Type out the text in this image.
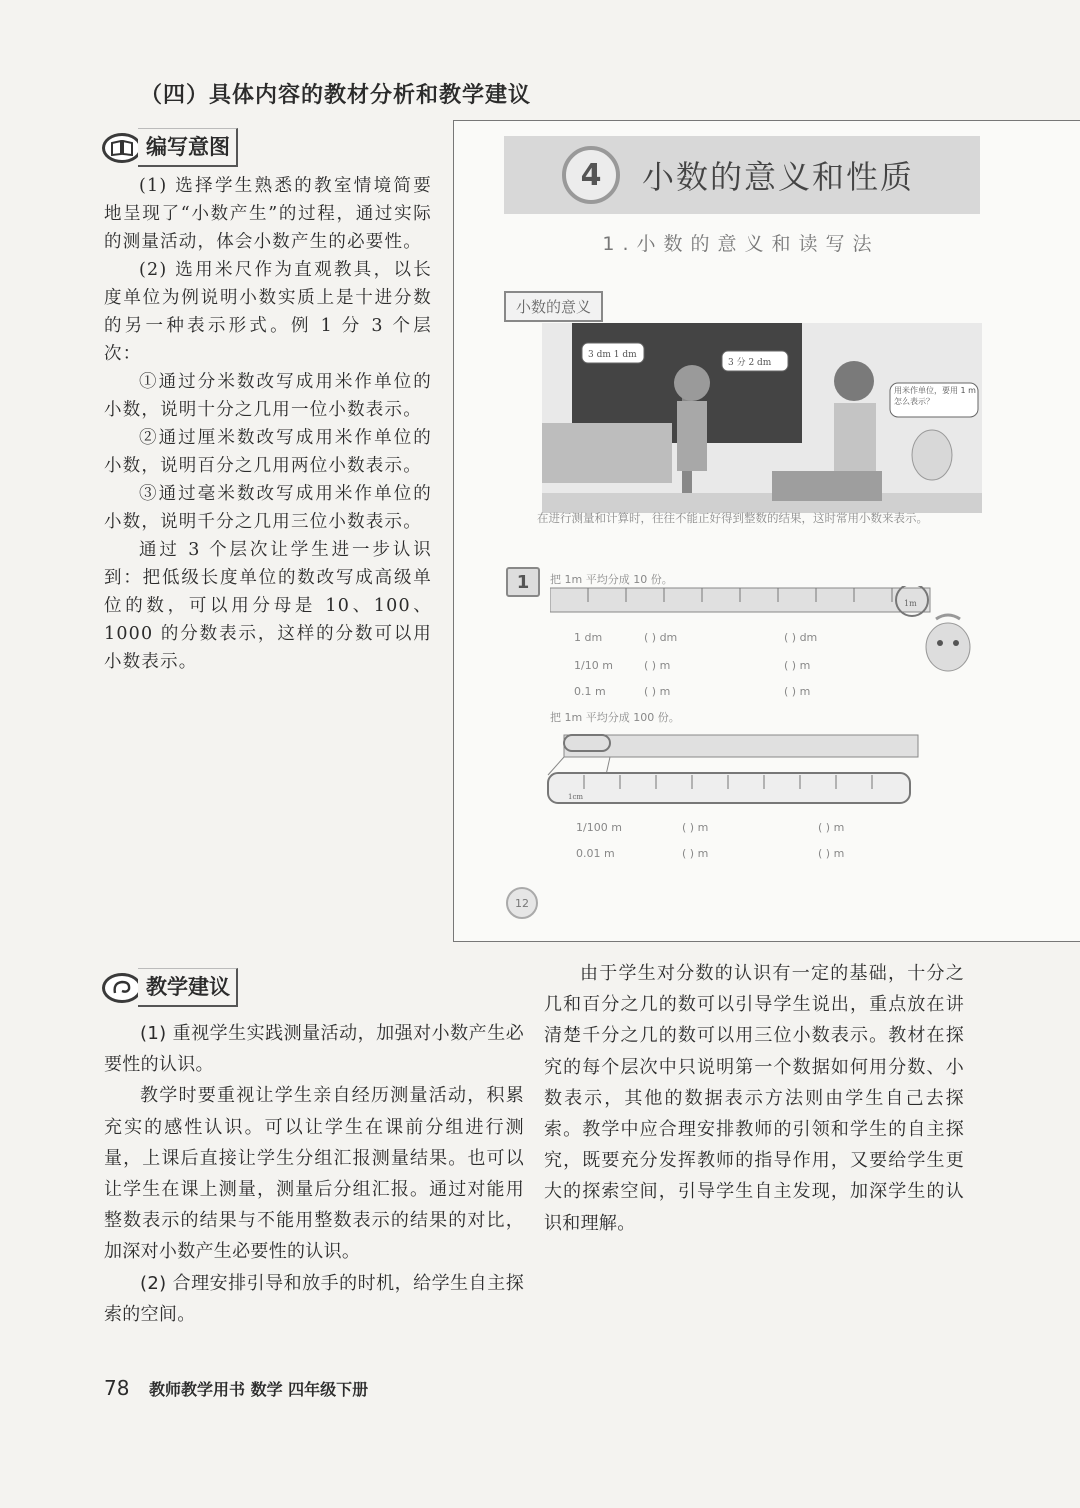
（四）具体内容的教材分析和教学建议
编写意图

(1) 选择学生熟悉的教室情境简要地呈现了“小数产生”的过程，通过实际的测量活动，体会小数产生的必要性。

(2) 选用米尺作为直观教具，以长度单位为例说明小数实质上是十进分数的另一种表示形式。例 1 分 3 个层次：

①通过分米数改写成用米作单位的小数，说明十分之几用一位小数表示。

②通过厘米数改写成用米作单位的小数，说明百分之几用两位小数表示。

③通过毫米数改写成用米作单位的小数，说明千分之几用三位小数表示。

通过 3 个层次让学生进一步认识到：把低级长度单位的数改写成高级单位的数，可以用分母是 10、100、1000 的分数表示，这样的分数可以用小数表示。

4	小数的意义和性质
1.小数的意义和读写法
小数的意义
3 dm 1 dm
3 分 2 dm
用米作单位，要用 1 m 怎么表示？
在进行测量和计算时，往往不能正好得到整数的结果，这时常用小数来表示。
1	把 1m 平均分成 10 份。
1m
1 dm	( ) dm	( ) dm
1/10 m	( ) m	( ) m
0.1 m	( ) m	( ) m
把 1m 平均分成 100 份。
1cm
1/100 m	( ) m	( ) m
0.01 m	( ) m	( ) m
12
教学建议

(1) 重视学生实践测量活动，加强对小数产生必要性的认识。

教学时要重视让学生亲自经历测量活动，积累充实的感性认识。可以让学生在课前分组进行测量，上课后直接让学生分组汇报测量结果。也可以让学生在课上测量，测量后分组汇报。通过对能用整数表示的结果与不能用整数表示的结果的对比，加深对小数产生必要性的认识。

(2) 合理安排引导和放手的时机，给学生自主探索的空间。

由于学生对分数的认识有一定的基础，十分之几和百分之几的数可以引导学生说出，重点放在讲清楚千分之几的数可以用三位小数表示。教材在探究的每个层次中只说明第一个数据如何用分数、小数表示，其他的数据表示方法则由学生自己去探索。教学中应合理安排教师的引领和学生的自主探究，既要充分发挥教师的指导作用，又要给学生更大的探索空间，引导学生自主发现，加深学生的认识和理解。

78 教师教学用书 数学 四年级下册
